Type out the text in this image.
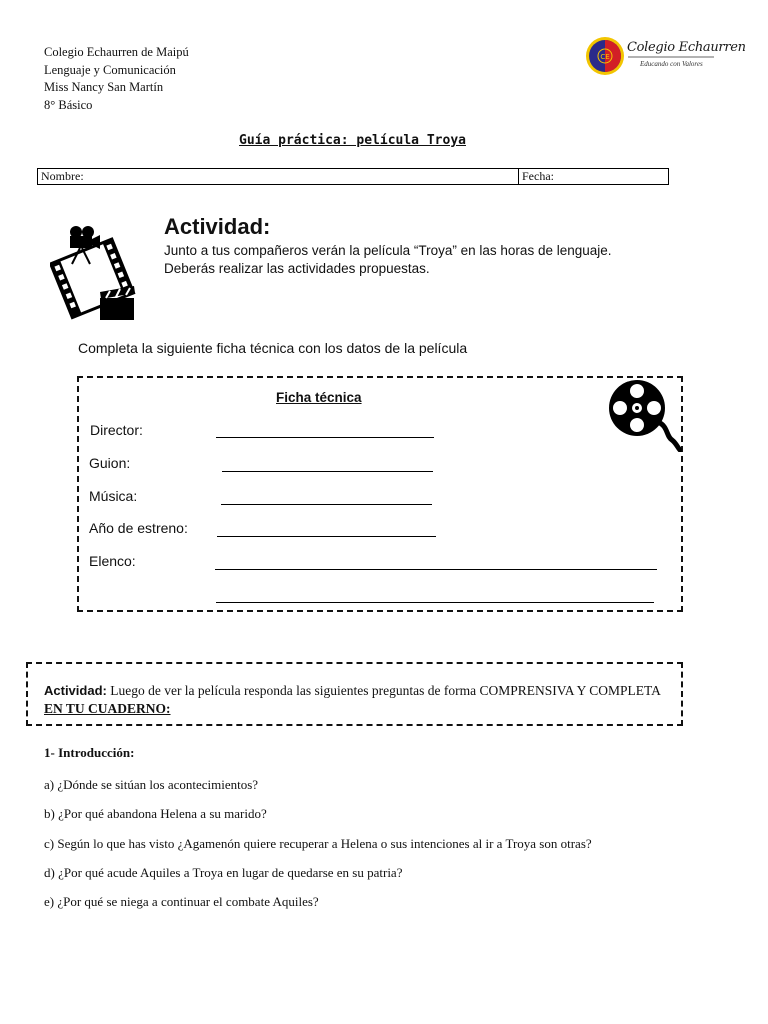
Colegio Echaurren de Maipú
Lenguaje y Comunicación
Miss Nancy San Martín
8° Básico
CE
Colegio Echaurren
Educando con Valores
Guía práctica: película Troya
Nombre:	Fecha:
Actividad:
Junto a tus compañeros verán la película “Troya” en las horas de lenguaje.
Deberás realizar las actividades propuestas.
Completa la siguiente ficha técnica con los datos de la película
Ficha técnica
Director:
Guion:
Música:
Año de estreno:
Elenco:
Actividad: Luego de ver la película responda las siguientes preguntas de forma COMPRENSIVA Y COMPLETA EN TU CUADERNO:
1- Introducción:
a) ¿Dónde se sitúan los acontecimientos?
b) ¿Por qué abandona Helena a su marido?
c) Según lo que has visto ¿Agamenón quiere recuperar a Helena o sus intenciones al ir a Troya son otras?
d) ¿Por qué acude Aquiles a Troya en lugar de quedarse en su patria?
e) ¿Por qué se niega a continuar el combate Aquiles?
